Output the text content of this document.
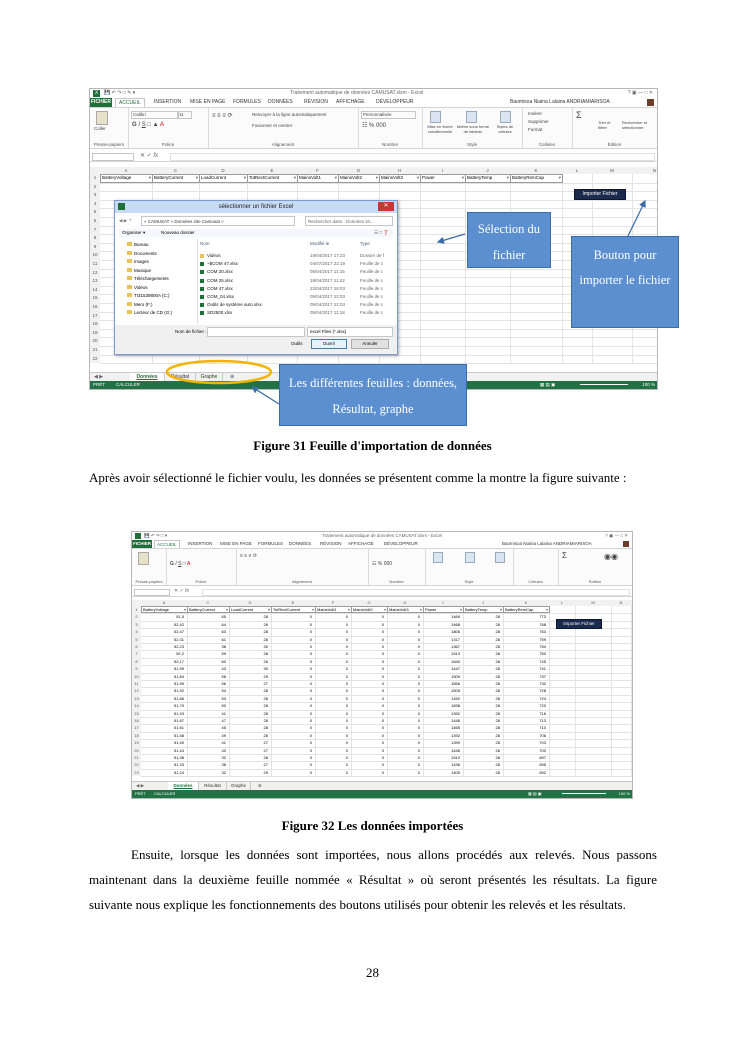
X	💾 ↶ ↷ □ ✎ ▾	Traitement automatique de données CAMUSAT.xlsm - Excel	? ▣ — □ ✕
FICHIER	ACCUEIL	INSERTION MISE EN PAGE FORMULES DONNÉES RÉVISION AFFICHAGE DÉVELOPPEUR	Baomisoa Niaina Lalaina ANDRIAMIARISOA
Coller
Presse-papiers
Calibri	11
G I S □ ▲ A
Police
≡ ≡ ≡ ⟳	Renvoyer à la ligne automatiquement
Fusionner et centrer
Alignement
Personnalisée
☷ % 000
Nombre
Mise en forme conditionnelle
Mettre sous forme de tableau
Styles de cellules
Style
Insérer
Supprimer
Format
Cellules
Σ
Trier et filtrer
Rechercher et sélectionner
Édition
✕ ✓ fx
A	C	D	E	F	G	H	I	J	K	L	M	N
1
2
3
4
5
6
7
8
9
10
11
12
13
14
15
16
17
18
19
20
21
22
BatteryVoltage ▾	BatteryCurrent ▾	LoadCurrent ▾	TotRectCurrent ▾	MainsVolt1 ▾	MainsVolt2 ▾	MainsVolt3 ▾	Power ▾	BatteryTemp ▾	BatteryRemCap ▾
Importer Fichier
◀ ▶	Données	Résultat	Graphe	⊕
PRÊT CALCULER	▦ ▤ ▣	100 %
sélectionner un fichier Excel	✕
◀ ▶ ⇡	« CAMUSAT » Données site Camusat »	Rechercher dans : Données sit...
Organiser ▾	Nouveau dossier	☰ □ ❓
Bureau
Documents
Images
Musique
Téléchargements
Vidéos
TI31539800A (C:)
Mero (F:)
Lecteur de CD (G:)
Nom	Modifié le	Type
Vidéos	18/04/2017 17:23	Dossier de f
~$COM 47.xlsx	04/07/2017 22:19	Feuille de c
COM 20.xlsx	05/04/2017 11:15	Feuille de c
COM 25.xlsx	18/04/2017 11:42	Feuille de c
COM 47.xlsx	22/04/2017 16:03	Feuille de c
COM_04.xlsx	05/04/2017 12:03	Feuille de c
Outils de système auto.xlsx	05/04/2017 12:03	Feuille de c
SD2500.xlsx	05/04/2017 11:18	Feuille de c
Nom de fichier :	excel Files (*.xlsx)
Outils	Ouvrir	Annuler
Sélection du fichier	Bouton pour importer le fichier
Les différentes feuilles : données, Résultat, graphe
Figure 31 Feuille d'importation de données
Après avoir sélectionné le fichier voulu, les données se présentent comme la montre la figure suivante :
💾 ↶ ↷ □ ▾	Traitement automatique de données CAMUSAT.xlsm - Excel	? ▣ — □ ✕
FICHIER	ACCUEIL	INSERTION MISE EN PAGE FORMULES DONNÉES RÉVISION AFFICHAGE DÉVELOPPEUR	Baomisoa Niaina Lalaina ANDRIAMIARISOA
Presse-papiers
G I S □ A
Police
≡ ≡ ≡ ⟳
Alignement
☷ % 000
Nombre	Style	Cellules
Σ	◉◉
Édition
✕ ✓ fx
A	C	D	E	F	G	H	I	J	K	L	M	N
1
2
3
4
5
6
7
8
9
10
11
12
13
14
15
16
17
18
19
20
21
22
23
BatteryVoltage ▾	BatteryCurrent ▾	LoadCurrent ▾	TotRectCurrent ▾	MainsVolt1 ▾	MainsVolt2 ▾	MainsVolt3 ▾	Power ▾	BatteryTemp ▾	BatteryRemCap ▾
51,5	65	28	0	0	0	0	1469	28	773
52,42	64	26	0	0	0	0	1468	28	768
52,47	63	28	0	0	0	0	1806	28	763
52,31	61	28	0	0	0	0	1317	28	759
52,23	38	30	0	0	0	0	1367	28	754
52,2	59	28	0	0	0	0	1513	28	750
52,17	60	26	0	0	0	0	1840	28	745
51,99	43	30	0	0	0	0	1447	28	741
51,84	56	29	0	0	0	0	1509	28	737
51,99	56	27	0	0	0	0	1856	28	732
51,92	54	28	0	0	0	0	1505	28	728
51,86	53	28	0	0	0	0	1452	28	724
51,79	50	28	0	0	0	0	1838	28	720
51,93	41	28	0	0	0	0	1392	28	716
51,87	47	28	0	0	0	0	1446	28	713
51,61	45	28	0	0	0	0	1465	28	710
51,58	49	28	0	0	0	0	1392	28	706
51,49	41	27	0	0	0	0	1390	28	703
51,44	40	27	0	0	0	0	1446	28	700
51,38	32	28	0	0	0	0	1519	28	697
51,33	36	27	0	0	0	0	1436	28	695
51,24	32	29	0	0	0	0	1405	28	692
Importer Fichier
◀ ▶	Données	Résultat	Graphe	⊕
PRÊT CALCULER	▦ ▤ ▣	100 %
Figure 32 Les données importées
Ensuite, lorsque les données sont importées, nous allons procédés aux relevés. Nous passons maintenant dans la deuxième feuille nommée « Résultat » où seront présentés les résultats. La figure suivante nous explique les fonctionnements des boutons utilisés pour obtenir les relevés et les résultats.
28
